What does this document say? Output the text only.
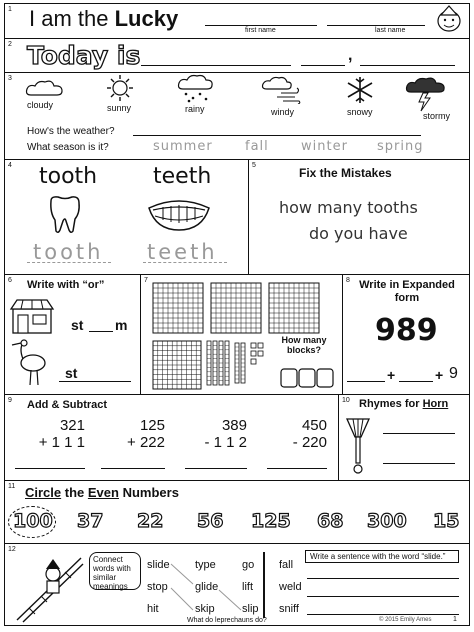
1 I am the Lucky	first name	last name
2 Today is	,
3
cloudy	sunny	rainy	windy	snowy	stormy
How's the weather?
What season is it?	summer fall winter spring
4 tooth	teeth
tooth teeth
5
Fix the Mistakes
how many tooths
do you have
6 Write with “or”
st m
st
7
How many blocks?
8 Write in Expanded form
989
+	+ 9
9 Add & Subtract
321
+ 1 1 1
125
+ 222
389
- 1 1 2
450
- 220
10 Rhymes for Horn
11 Circle the Even Numbers
100 37 22 56 125 68 300 15
12
Connect words with similar meanings
slide
stop
hit
type
glide
skip
go
lift
slip
fall
weld
sniff
Write a sentence with the word “slide.”
What do leprechauns do?	© 2015 Emily Ames	1
